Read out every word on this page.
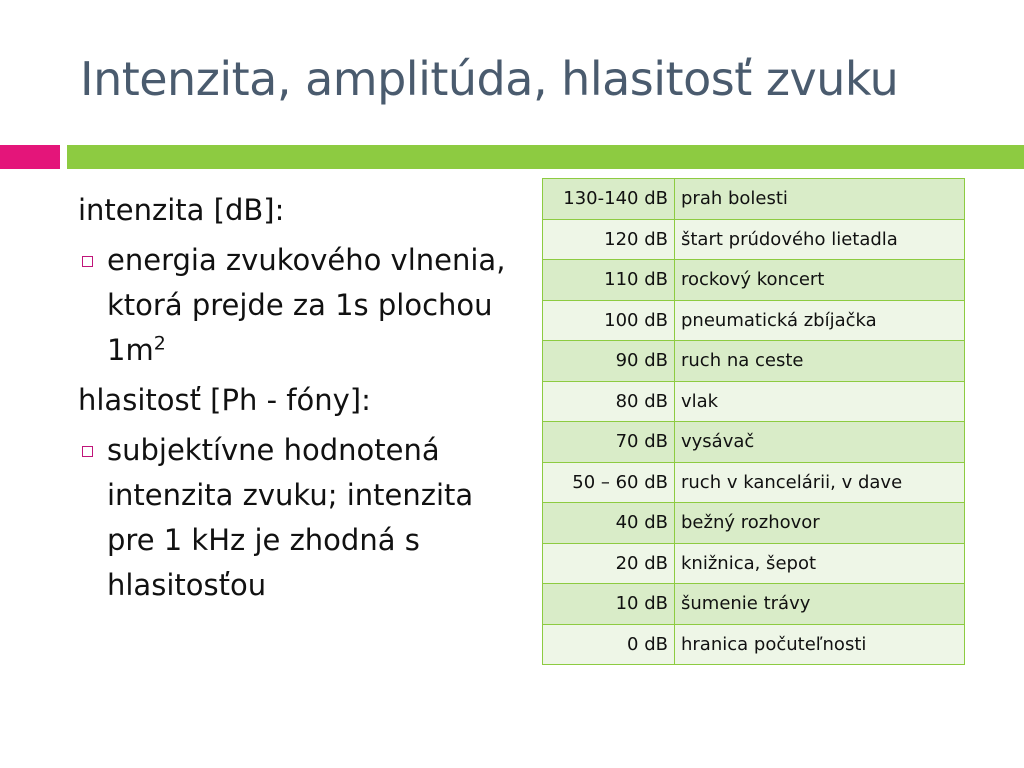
Intenzita, amplitúda, hlasitosť zvuku
intenzita [dB]:
energia zvukového vlnenia, ktorá prejde za 1s plochou $1m^2$
hlasitosť [Ph - fóny]:
subjektívne hodnotená intenzita zvuku; intenzita pre 1 kHz je zhodná s hlasitosťou
130-140 dB	prah bolesti
120 dB	štart prúdového lietadla
110 dB	rockový koncert
100 dB	pneumatická zbíjačka
90 dB	ruch na ceste
80 dB	vlak
70 dB	vysávač
50 – 60 dB	ruch v kancelárii, v dave
40 dB	bežný rozhovor
20 dB	knižnica, šepot
10 dB	šumenie trávy
0 dB	hranica počuteľnosti
